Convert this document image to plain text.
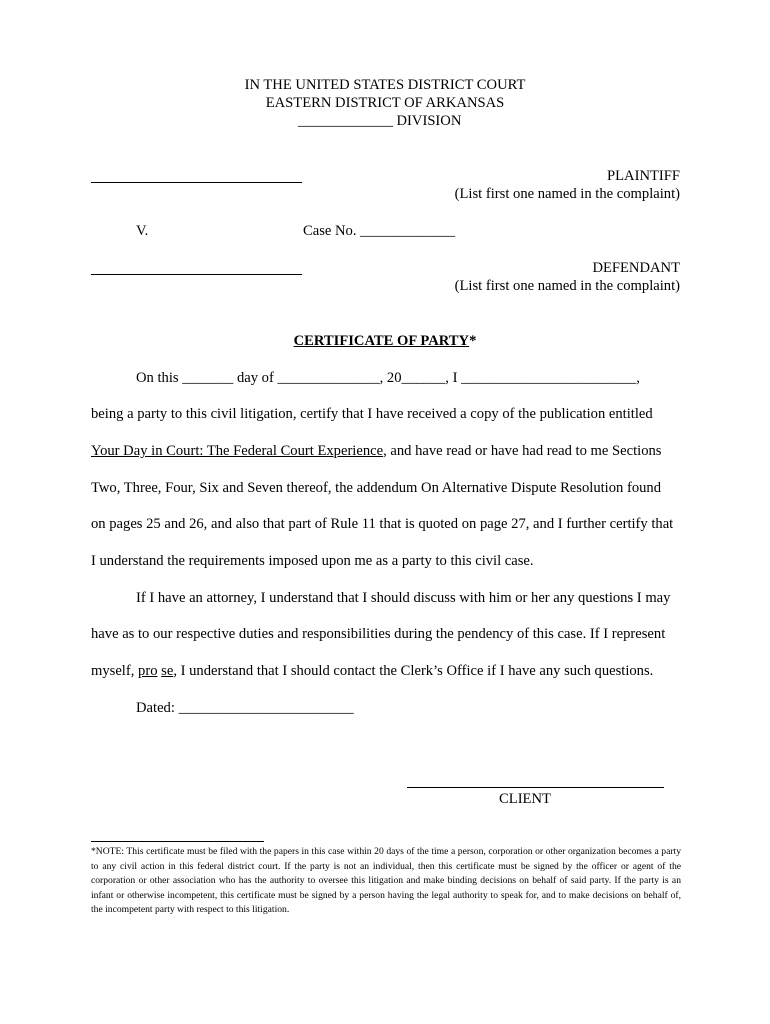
IN THE UNITED STATES DISTRICT COURT
EASTERN DISTRICT OF ARKANSAS
_____________ DIVISION
PLAINTIFF
(List first one named in the complaint)
V.	Case No. _____________
DEFENDANT
(List first one named in the complaint)
CERTIFICATE OF PARTY*
On this _______ day of ______________, 20______, I ________________________,
being a party to this civil litigation, certify that I have received a copy of the publication entitled
Your Day in Court: The Federal Court Experience, and have read or have had read to me Sections
Two, Three, Four, Six and Seven thereof, the addendum On Alternative Dispute Resolution found
on pages 25 and 26, and also that part of Rule 11 that is quoted on page 27, and I further certify that
I understand the requirements imposed upon me as a party to this civil case.
If I have an attorney, I understand that I should discuss with him or her any questions I may
have as to our respective duties and responsibilities during the pendency of this case. If I represent
myself, pro se, I understand that I should contact the Clerk’s Office if I have any such questions.
Dated: ________________________
CLIENT
*NOTE: This certificate must be filed with the papers in this case within 20 days of the time a person, corporation or other organization becomes a party to any civil action in this federal district court. If the party is not an individual, then this certificate must be signed by the officer or agent of the corporation or other association who has the authority to oversee this litigation and make binding decisions on behalf of said party. If the party is an infant or otherwise incompetent, this certificate must be signed by a person having the legal authority to speak for, and to make decisions on behalf of, the incompetent party with respect to this litigation.
